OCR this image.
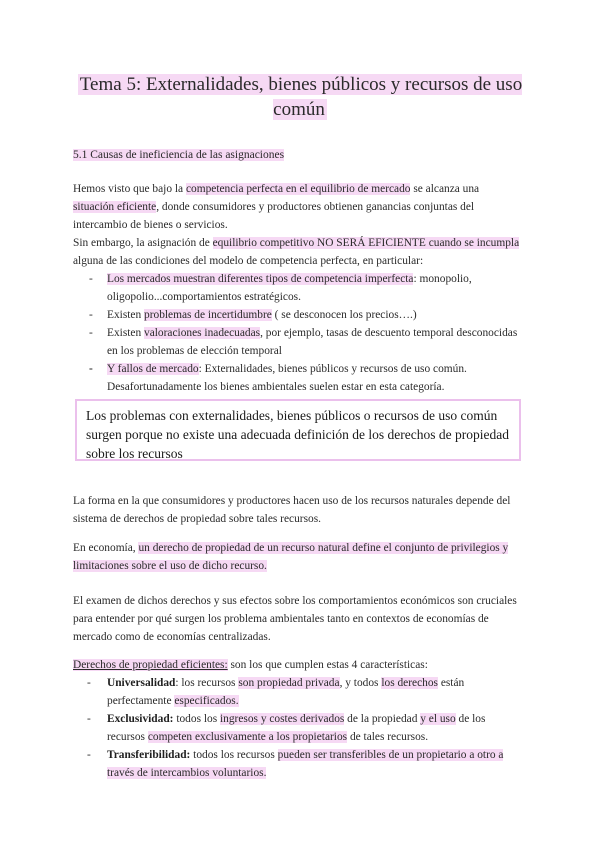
Tema 5: Externalidades, bienes públicos y recursos de uso común
5.1 Causas de ineficiencia de las asignaciones

Hemos visto que bajo la competencia perfecta en el equilibrio de mercado se alcanza una situación eficiente, donde consumidores y productores obtienen ganancias conjuntas del intercambio de bienes o servicios.

Sin embargo, la asignación de equilibrio competitivo NO SERÁ EFICIENTE cuando se incumpla alguna de las condiciones del modelo de competencia perfecta, en particular:

- Los mercados muestran diferentes tipos de competencia imperfecta: monopolio, oligopolio...comportamientos estratégicos.
- Existen problemas de incertidumbre ( se desconocen los precios….)
- Existen valoraciones inadecuadas, por ejemplo, tasas de descuento temporal desconocidas en los problemas de elección temporal
- Y fallos de mercado: Externalidades, bienes públicos y recursos de uso común. Desafortunadamente los bienes ambientales suelen estar en esta categoría.
Los problemas con externalidades, bienes públicos o recursos de uso común surgen porque no existe una adecuada definición de los derechos de propiedad sobre los recursos

La forma en la que consumidores y productores hacen uso de los recursos naturales depende del sistema de derechos de propiedad sobre tales recursos.

En economía, un derecho de propiedad de un recurso natural define el conjunto de privilegios y limitaciones sobre el uso de dicho recurso.

El examen de dichos derechos y sus efectos sobre los comportamientos económicos son cruciales para entender por qué surgen los problema ambientales tanto en contextos de economías de mercado como de economías centralizadas.

Derechos de propiedad eficientes: son los que cumplen estas 4 características:

- Universalidad: los recursos son propiedad privada, y todos los derechos están perfectamente especificados.
- Exclusividad: todos los ingresos y costes derivados de la propiedad y el uso de los recursos competen exclusivamente a los propietarios de tales recursos.
- Transferibilidad: todos los recursos pueden ser transferibles de un propietario a otro a través de intercambios voluntarios.
